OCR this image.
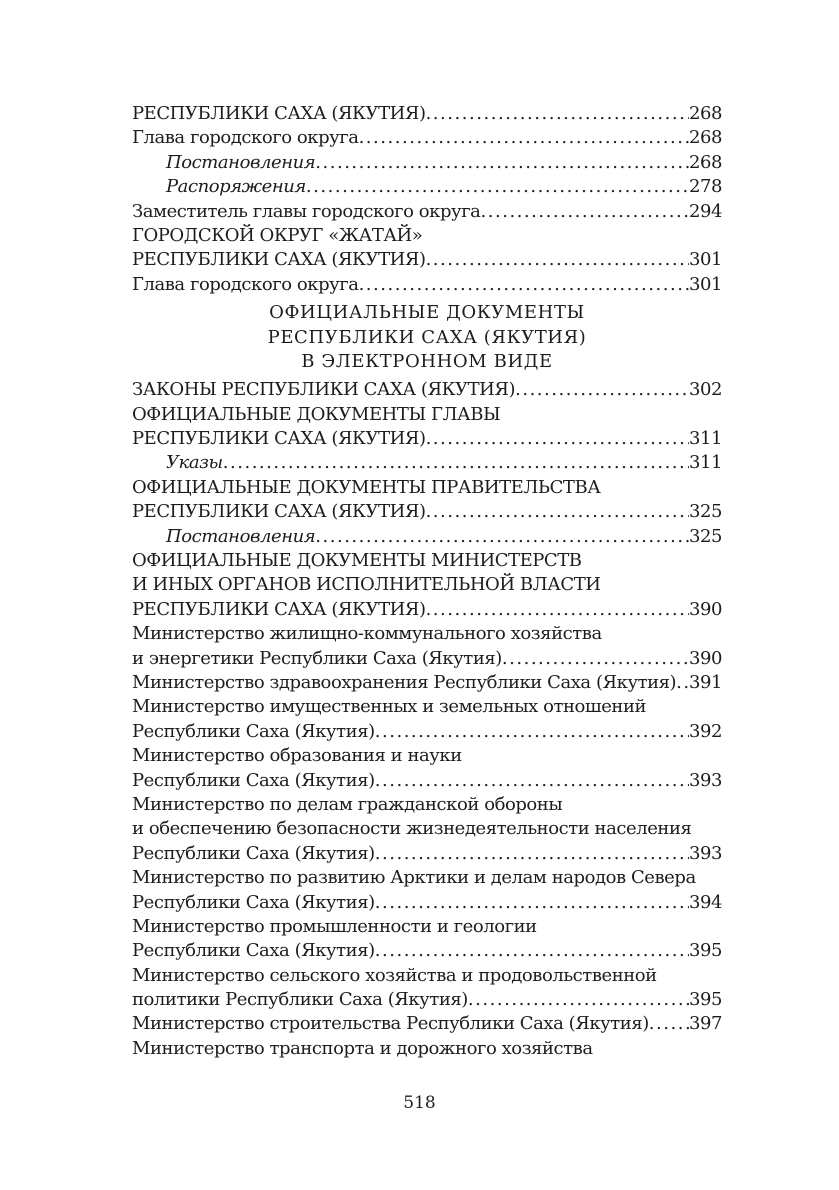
РЕСПУБЛИКИ САХА (ЯКУТИЯ) . . .	268
Глава городского округа . . .	268
Постановления . . .	268
Распоряжения . . .	278
Заместитель главы городского округа . . .	294
ГОРОДСКОЙ ОКРУГ «ЖАТАЙ»
РЕСПУБЛИКИ САХА (ЯКУТИЯ) . . .	301
Глава городского округа . . .	301
ОФИЦИАЛЬНЫЕ ДОКУМЕНТЫ
РЕСПУБЛИКИ САХА (ЯКУТИЯ)
В ЭЛЕКТРОННОМ ВИДЕ
ЗАКОНЫ РЕСПУБЛИКИ САХА (ЯКУТИЯ) . . .	302
ОФИЦИАЛЬНЫЕ ДОКУМЕНТЫ ГЛАВЫ
РЕСПУБЛИКИ САХА (ЯКУТИЯ) . . .	311
Указы . . .	311
ОФИЦИАЛЬНЫЕ ДОКУМЕНТЫ ПРАВИТЕЛЬСТВА
РЕСПУБЛИКИ САХА (ЯКУТИЯ) . . .	325
Постановления . . .	325
ОФИЦИАЛЬНЫЕ ДОКУМЕНТЫ МИНИСТЕРСТВ
И ИНЫХ ОРГАНОВ ИСПОЛНИТЕЛЬНОЙ ВЛАСТИ
РЕСПУБЛИКИ САХА (ЯКУТИЯ) . . .	390
Министерство жилищно-коммунального хозяйства
и энергетики Республики Саха (Якутия) . . .	390
Министерство здравоохранения Республики Саха (Якутия) . . . 391
Министерство имущественных и земельных отношений
Республики Саха (Якутия) . . .	392
Министерство образования и науки
Республики Саха (Якутия) . . .	393
Министерство по делам гражданской обороны
и обеспечению безопасности жизнедеятельности населения
Республики Саха (Якутия) . . .	393
Министерство по развитию Арктики и делам народов Севера
Республики Саха (Якутия) . . .	394
Министерство промышленности и геологии
Республики Саха (Якутия) . . .	395
Министерство сельского хозяйства и продовольственной
политики Республики Саха (Якутия) . . .	395
Министерство строительства Республики Саха (Якутия) . . . 397
Министерство транспорта и дорожного хозяйства
518
